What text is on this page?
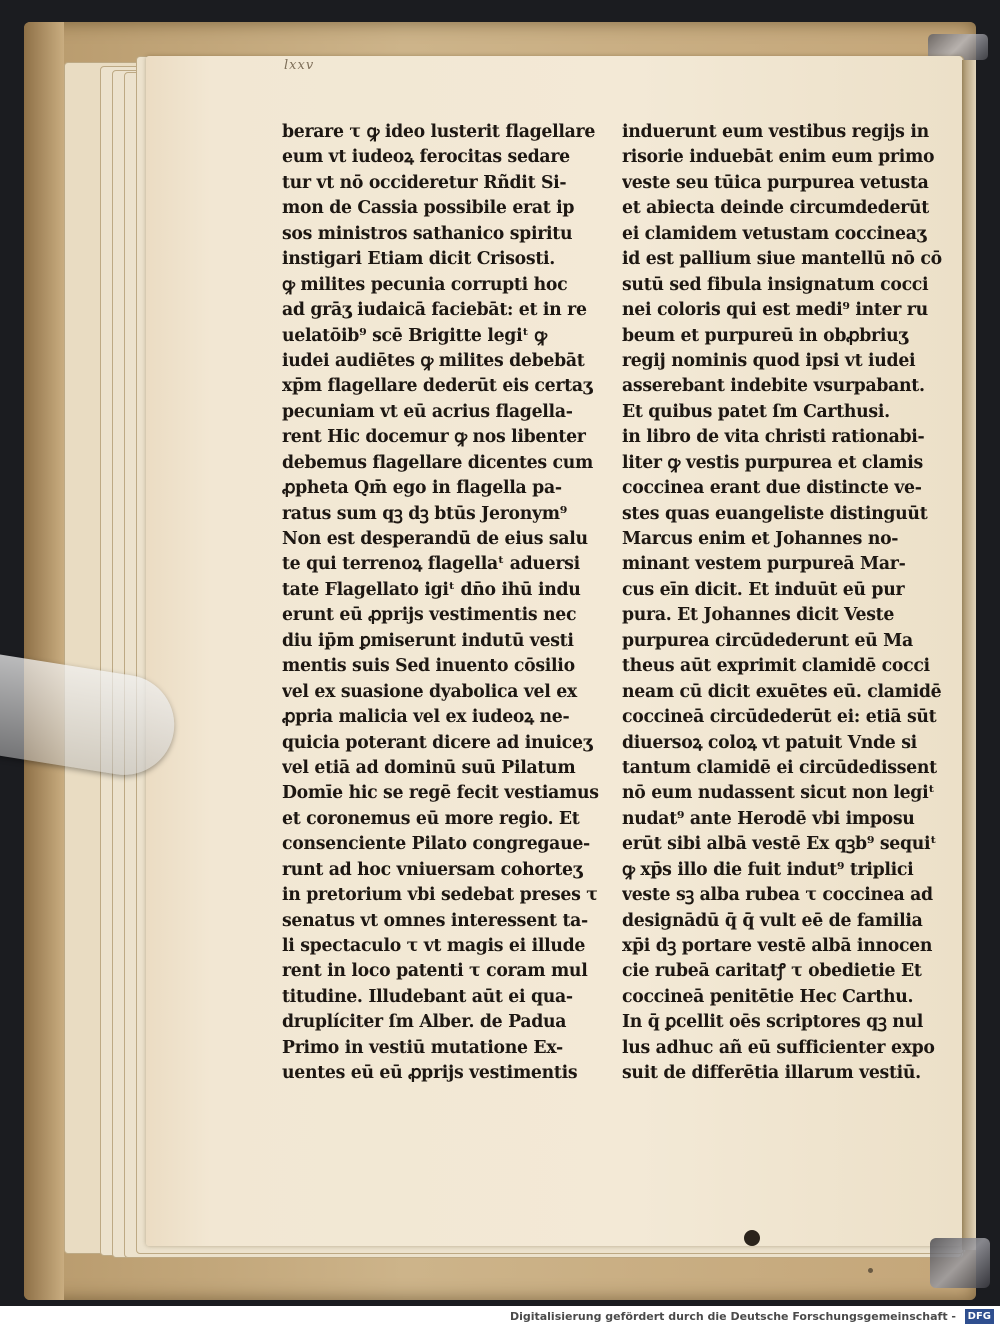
lxxv
berare τ ꝙ ideo lusterit flagellare
eum vt iudeoꝝ ferocitas sedare
tur vt nō occideretur Rñdit Si-
mon de Cassia possibile erat ip
sos ministros sathanico spiritu
instigari Etiam dicit Crisosti.
ꝙ milites pecunia corrupti hoc
ad grāʒ iudaicā faciebāt: et in re
uelatōib⁹ scē Brigitte legiᵗ ꝙ
iudei audiētes ꝙ milites debebāt
xp̄m flagellare dederūt eis certaʒ
pecuniam vt eū acrius flagella-
rent Hic docemur ꝙ nos libenter
debemus flagellare dicentes cum
ꝓpheta Qm̄ ego in flagella pa-
ratus sum qꝫ dꝫ btūs Jeronym⁹
Non est desperandū de eius salu
te qui terrenoꝝ flagellaᵗ aduersi
tate Flagellato igiᵗ dn̄o ihū indu
erunt eū ꝓprijs vestimentis nec
diu ip̄m ꝑmiserunt indutū vesti
mentis suis Sed inuento cōsilio
vel ex suasione dyabolica vel ex
ꝓpria malicia vel ex iudeoꝝ ne-
quicia poterant dicere ad inuiceʒ
vel etiā ad dominū suū Pilatum
Domīe hic se regē fecit vestiamus
et coronemus eū more regio. Et
consenciente Pilato congregaue-
runt ad hoc vniuersam cohorteʒ
in pretorium vbi sedebat preses τ
senatus vt omnes interessent ta-
li spectaculo τ vt magis ei illude
rent in loco patenti τ coram mul
titudine. Illudebant aūt ei qua-
druplíciter ſm Alber. de Padua
Primo in vestiū mutatione Ex-
uentes eū eū ꝓprijs vestimentis
induerunt eum vestibus regijs in
risorie induebāt enim eum primo
veste seu tūica purpurea vetusta
et abiecta deinde circumdederūt
ei clamidem vetustam coccineaʒ
id est pallium siue mantellū nō cō
sutū sed fibula insignatum cocci
nei coloris qui est medi⁹ inter ru
beum et purpureū in obꝓbriuʒ
regij nominis quod ipsi vt iudei
asserebant indebite vsurpabant.
Et quibus patet ſm Carthusi.
in libro de vita christi rationabi-
liter ꝙ vestis purpurea et clamis
coccinea erant due distincte ve-
stes quas euangeliste distinguūt
Marcus enim et Johannes no-
minant vestem purpureā Mar-
cus eīn dicit. Et induūt eū pur
pura. Et Johannes dicit Veste
purpurea circūdederunt eū Ma
theus aūt exprimit clamidē cocci
neam cū dicit exuētes eū. clamidē
coccineā circūdederūt ei: etiā sūt
diuersoꝝ coloꝝ vt patuit Vnde si
tantum clamidē ei circūdedissent
nō eum nudassent sicut non legiᵗ
nudat⁹ ante Herodē vbi imposu
erūt sibi albā vestē Ex qꝫb⁹ sequiᵗ
ꝙ xp̄s illo die fuit indut⁹ triplici
veste sꝫ alba rubea τ coccinea ad
designādū q̄ q̄ vult eē de familia
xp̄i dꝫ portare vestē albā innocen
cie rubeā caritatꝭ τ obedietie Et
coccineā penitētie Hec Carthu.
In q̄ ꝑcellit oēs scriptores qꝫ nul
lus adhuc añ eū sufficienter expo
suit de differētia illarum vestiū.
Digitalisierung gefördert durch die Deutsche Forschungsgemeinschaft -	DFG
